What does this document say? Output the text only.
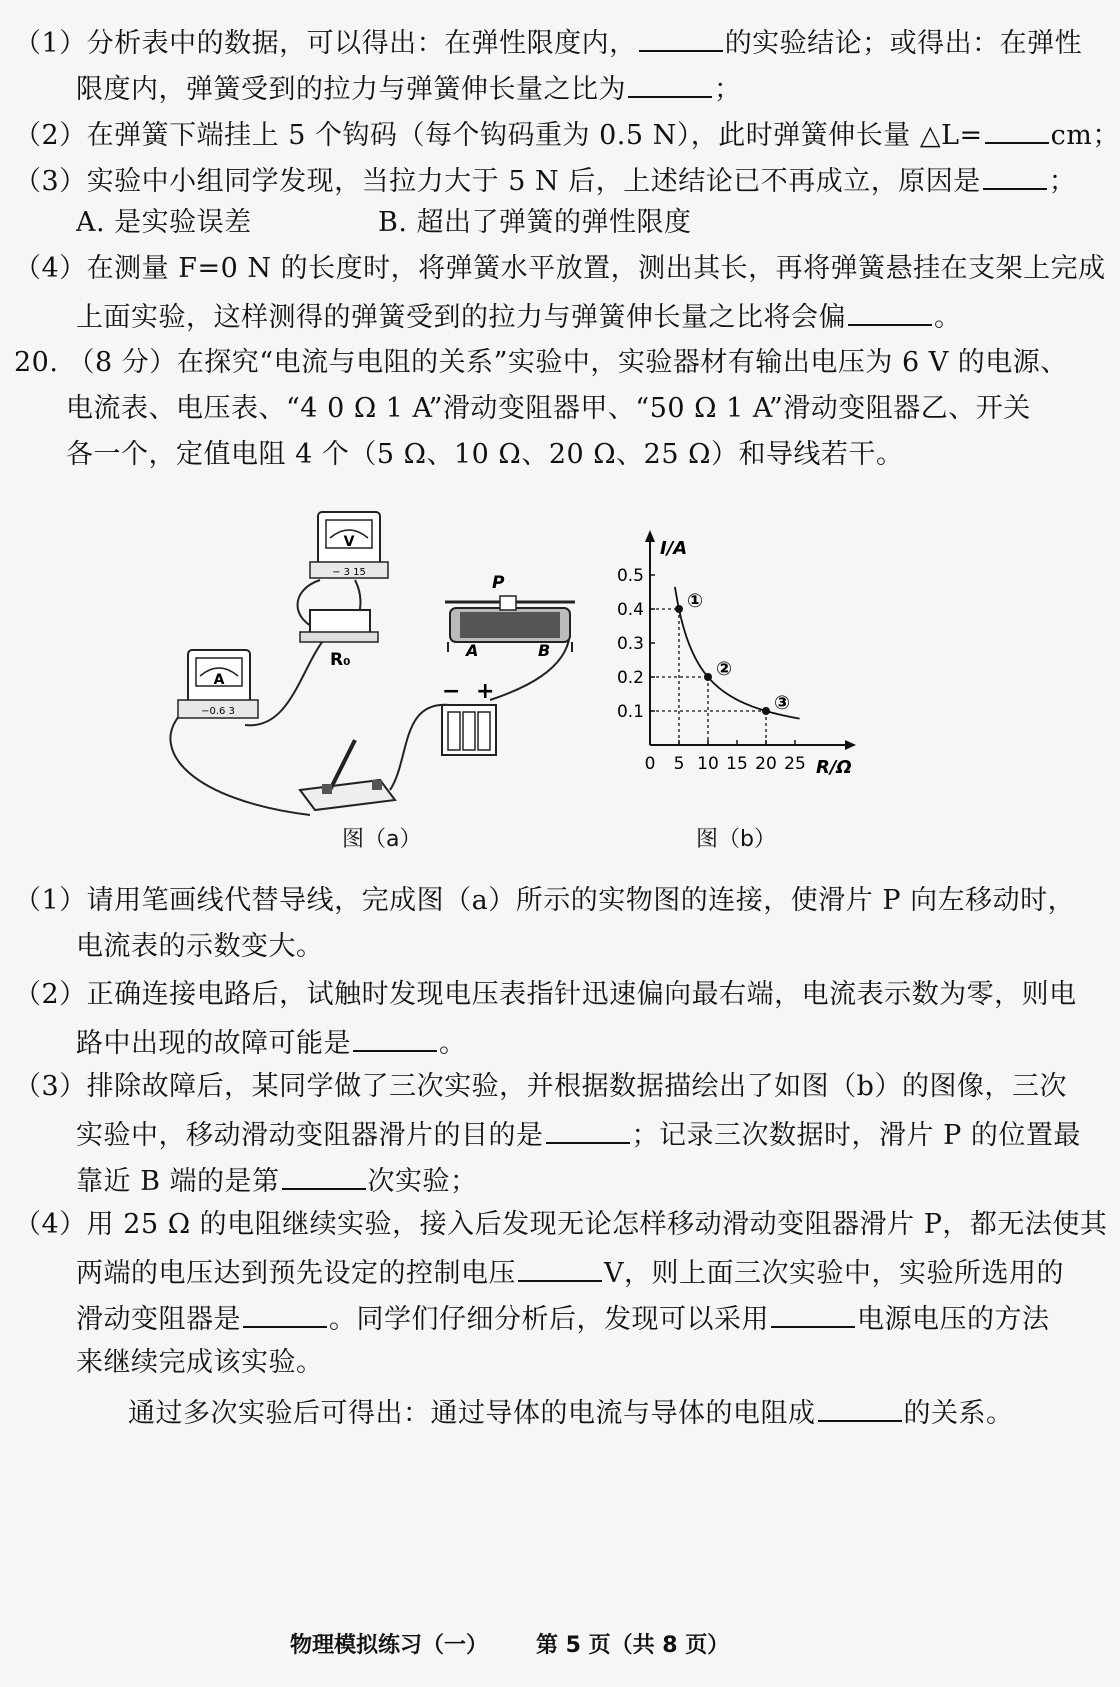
（1）分析表中的数据，可以得出：在弹性限度内，	的实验结论；或得出：在弹性
限度内，弹簧受到的拉力与弹簧伸长量之比为	；
（2）在弹簧下端挂上 5 个钩码（每个钩码重为 0.5 N），此时弹簧伸长量 △L=	cm；
（3）实验中小组同学发现，当拉力大于 5 N 后，上述结论已不再成立，原因是	；
A. 是实验误差	B. 超出了弹簧的弹性限度
（4）在测量 F=0 N 的长度时，将弹簧水平放置，测出其长，再将弹簧悬挂在支架上完成
上面实验，这样测得的弹簧受到的拉力与弹簧伸长量之比将会偏	。
20. （8 分）在探究“电流与电阻的关系”实验中，实验器材有输出电压为 6 V 的电源、
电流表、电压表、“4 0 Ω 1 A”滑动变阻器甲、“50 Ω 1 A”滑动变阻器乙、开关
各一个，定值电阻 4 个（5 Ω、10 Ω、20 Ω、25 Ω）和导线若干。
V
− 3 15
R₀
A
−0.6 3
P
A	B
− +
图（a）
I/A
R/Ω
0 5 10 15 20 25
0.1
0.2
0.3
0.4
0.5
①
②
③
图（b）
（1）请用笔画线代替导线，完成图（a）所示的实物图的连接，使滑片 P 向左移动时，
电流表的示数变大。
（2）正确连接电路后，试触时发现电压表指针迅速偏向最右端，电流表示数为零，则电
路中出现的故障可能是	。
（3）排除故障后，某同学做了三次实验，并根据数据描绘出了如图（b）的图像，三次
实验中，移动滑动变阻器滑片的目的是	；记录三次数据时，滑片 P 的位置最
靠近 B 端的是第	次实验；
（4）用 25 Ω 的电阻继续实验，接入后发现无论怎样移动滑动变阻器滑片 P，都无法使其
两端的电压达到预先设定的控制电压	V，则上面三次实验中，实验所选用的
滑动变阻器是	。同学们仔细分析后，发现可以采用	电源电压的方法
来继续完成该实验。
通过多次实验后可得出：通过导体的电流与导体的电阻成	的关系。
物理模拟练习（一） 第 5 页（共 8 页）
